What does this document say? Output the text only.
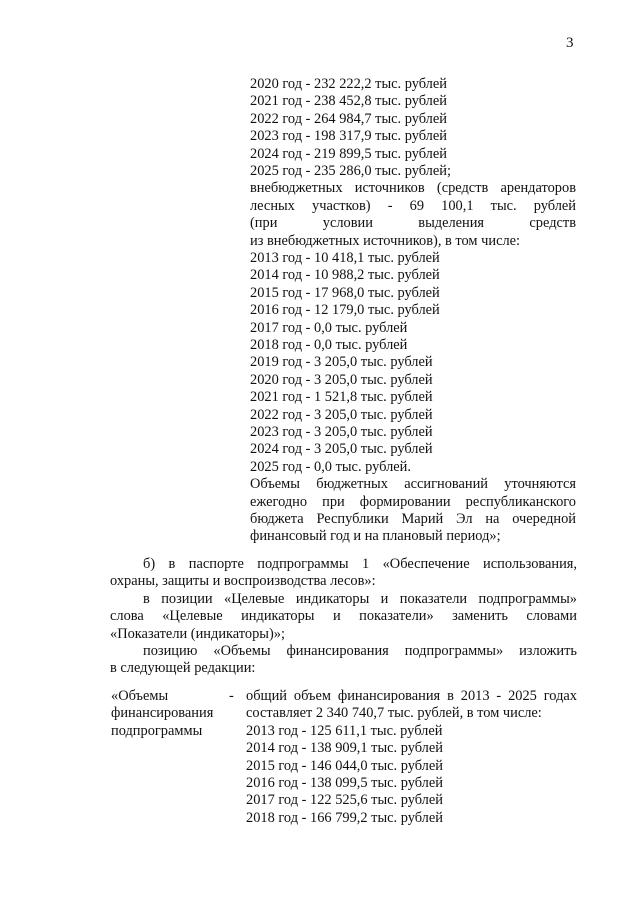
3
2020 год - 232 222,2 тыс. рублей
2021 год - 238 452,8 тыс. рублей
2022 год - 264 984,7 тыс. рублей
2023 год - 198 317,9 тыс. рублей
2024 год - 219 899,5 тыс. рублей
2025 год - 235 286,0 тыс. рублей;
внебюджетных источников (средств арендаторов
лесных участков) - 69 100,1 тыс. рублей
(при условии выделения средств
из внебюджетных источников), в том числе:
2013 год - 10 418,1 тыс. рублей
2014 год - 10 988,2 тыс. рублей
2015 год - 17 968,0 тыс. рублей
2016 год - 12 179,0 тыс. рублей
2017 год - 0,0 тыс. рублей
2018 год - 0,0 тыс. рублей
2019 год - 3 205,0 тыс. рублей
2020 год - 3 205,0 тыс. рублей
2021 год - 1 521,8 тыс. рублей
2022 год - 3 205,0 тыс. рублей
2023 год - 3 205,0 тыс. рублей
2024 год - 3 205,0 тыс. рублей
2025 год - 0,0 тыс. рублей.
Объемы бюджетных ассигнований уточняются
ежегодно при формировании республиканского
бюджета Республики Марий Эл на очередной
финансовый год и на плановый период»;
б) в паспорте подпрограммы 1 «Обеспечение использования,
охраны, защиты и воспроизводства лесов»:
в позиции «Целевые индикаторы и показатели подпрограммы»
слова «Целевые индикаторы и показатели» заменить словами
«Показатели (индикаторы)»;
позицию «Объемы финансирования подпрограммы» изложить
в следующей редакции:
«Объемы
финансирования
подпрограммы
- общий объем финансирования в 2013 - 2025 годах
составляет 2 340 740,7 тыс. рублей, в том числе:
2013 год - 125 611,1 тыс. рублей
2014 год - 138 909,1 тыс. рублей
2015 год - 146 044,0 тыс. рублей
2016 год - 138 099,5 тыс. рублей
2017 год - 122 525,6 тыс. рублей
2018 год - 166 799,2 тыс. рублей
